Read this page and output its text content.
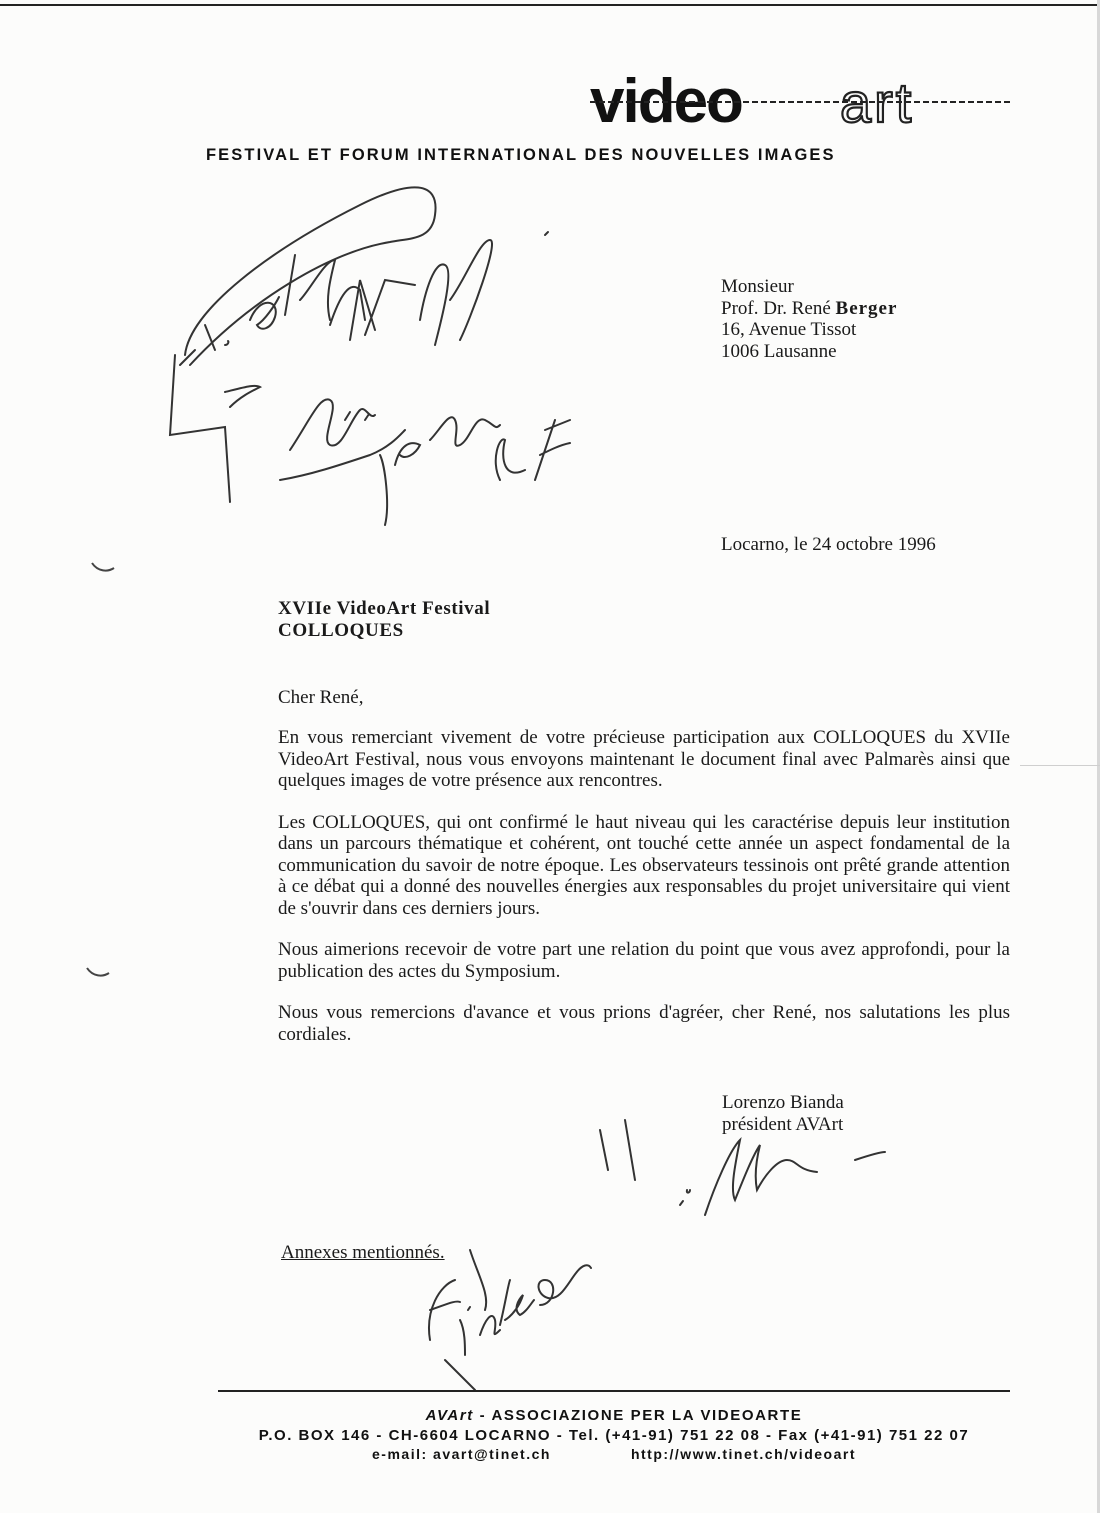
video art
FESTIVAL ET FORUM INTERNATIONAL DES NOUVELLES IMAGES
Monsieur
Prof. Dr. René Berger
16, Avenue Tissot
1006 Lausanne
Locarno, le 24 octobre 1996
XVIIe VideoArt Festival
COLLOQUES
Cher René,

En vous remerciant vivement de votre précieuse participation aux COLLOQUES du XVIIe VideoArt Festival, nous vous envoyons maintenant le document final avec Palmarès ainsi que quelques images de votre présence aux rencontres.

Les COLLOQUES, qui ont confirmé le haut niveau qui les caractérise depuis leur institution dans un parcours thématique et cohérent, ont touché cette année un aspect fondamental de la communication du savoir de notre époque. Les observateurs tessinois ont prêté grande attention à ce débat qui a donné des nouvelles énergies aux responsables du projet universitaire qui vient de s'ouvrir dans ces derniers jours.

Nous aimerions recevoir de votre part une relation du point que vous avez approfondi, pour la publication des actes du Symposium.

Nous vous remercions d'avance et vous prions d'agréer, cher René, nos salutations les plus cordiales.

Lorenzo Bianda
président AVArt
Annexes mentionnés.
AVArt - ASSOCIAZIONE PER LA VIDEOARTE
P.O. BOX 146 - CH-6604 LOCARNO - Tel. (+41-91) 751 22 08 - Fax (+41-91) 751 22 07
e-mail: avart@tinet.ch	http://www.tinet.ch/videoart
